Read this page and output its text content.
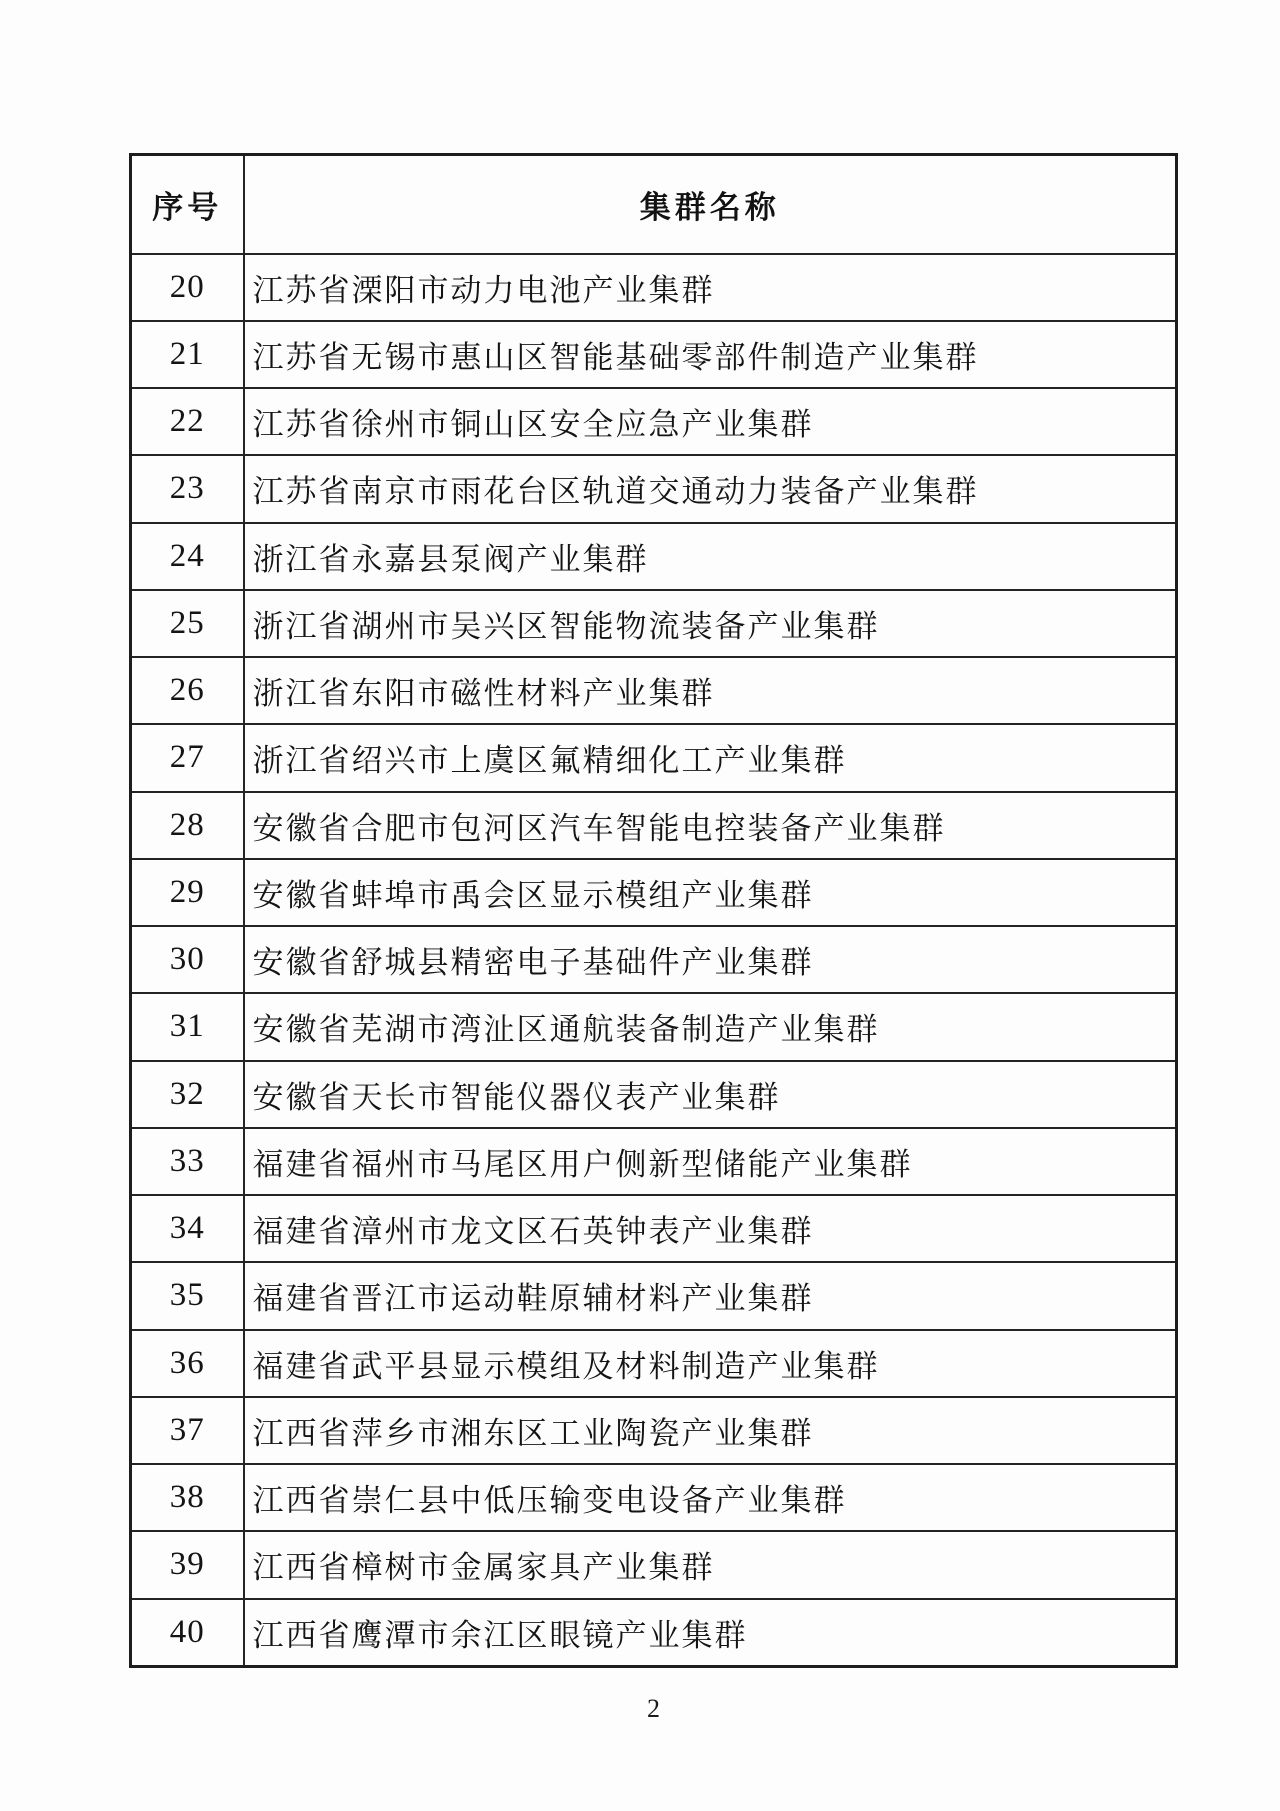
序号	集群名称
20	江苏省溧阳市动力电池产业集群
21	江苏省无锡市惠山区智能基础零部件制造产业集群
22	江苏省徐州市铜山区安全应急产业集群
23	江苏省南京市雨花台区轨道交通动力装备产业集群
24	浙江省永嘉县泵阀产业集群
25	浙江省湖州市吴兴区智能物流装备产业集群
26	浙江省东阳市磁性材料产业集群
27	浙江省绍兴市上虞区氟精细化工产业集群
28	安徽省合肥市包河区汽车智能电控装备产业集群
29	安徽省蚌埠市禹会区显示模组产业集群
30	安徽省舒城县精密电子基础件产业集群
31	安徽省芜湖市湾沚区通航装备制造产业集群
32	安徽省天长市智能仪器仪表产业集群
33	福建省福州市马尾区用户侧新型储能产业集群
34	福建省漳州市龙文区石英钟表产业集群
35	福建省晋江市运动鞋原辅材料产业集群
36	福建省武平县显示模组及材料制造产业集群
37	江西省萍乡市湘东区工业陶瓷产业集群
38	江西省崇仁县中低压输变电设备产业集群
39	江西省樟树市金属家具产业集群
40	江西省鹰潭市余江区眼镜产业集群
2
